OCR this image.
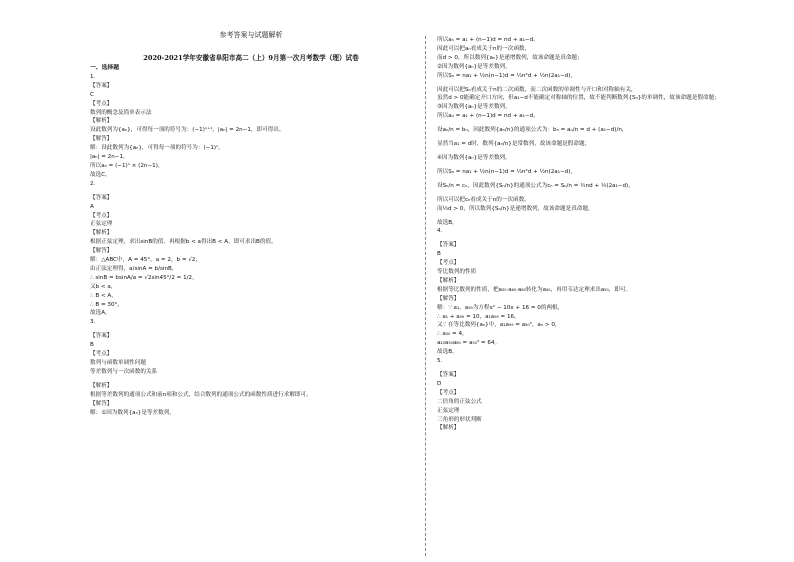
参考答案与试题解析
2020-2021学年安徽省阜阳市高二（上）9月第一次月考数学（理）试卷
一、选择题
1.
【答案】
C
【考点】
数列的概念及简单表示法
【解析】
设此数列为{aₙ}，可得每一项的符号为：(−1)ⁿ⁺¹，|aₙ| = 2n−1，即可得出。
【解答】
解：设此数列为{aₙ}，可得每一项的符号为：(−1)ⁿ，
|aₙ| = 2n−1，
所以aₙ = (−1)ⁿ × (2n−1)，
故选C。
2.
【答案】
A
【考点】
正弦定理
【解析】
根据正弦定理，求出sinB的值，再根据b < a得出B < A，即可求出B的值。
【解答】
解：△ABC中，A = 45°，a = 2，b = √2，
由正弦定理得，a/sinA = b/sinB，
∴ sinB = bsinA/a = √2sin45°/2 = 1/2，
又b < a，
∴ B < A，
∴ B = 30°，
故选A。
3.
【答案】
B
【考点】
数列与函数单调性问题
等差数列与一次函数的关系
【解析】
根据等差数列的通项公式和前n项和公式，结合数列的通项公式的函数性质进行求解即可。
【解答】
解：①因为数列{aₙ}是等差数列，
所以aₙ = a₁ + (n−1)d = nd + a₁−d，
因此可以把aₙ看成关于n的一次函数，
而d > 0，所以数列{aₙ}是递增数列，故该命题是真命题；
②因为数列{aₙ}是等差数列，
所以Sₙ = na₁ + ½n(n−1)d = ½n²d + ½n(2a₁−d)，
因此可以把Sₙ看成关于n的二次函数，而二次函数的单调性与开口和对称轴有关，
虽然d > 0能确定开口方向，但a₁−d不能确定对称轴的位置，故不能判断数列{Sₙ}的单调性，故该命题是假命题；
③因为数列{aₙ}是等差数列，
所以aₙ = a₁ + (n−1)d = nd + a₁−d，
设aₙ/n = bₙ，因此数列{aₙ/n}的通项公式为：bₙ = aₙ/n = d + (a₁−d)/n，
显然当a₁ = d时，数列{aₙ/n}是常数列，故该命题是假命题；
④因为数列{aₙ}是等差数列，
所以Sₙ = na₁ + ½n(n−1)d = ½n²d + ½n(2a₁−d)，
设Sₙ/n = cₙ，因此数列{Sₙ/n}的通项公式为cₙ = Sₙ/n = ½nd + ½(2a₁−d)，
所以可以把cₙ看成关于n的一次函数，
而½d > 0，所以数列{Sₙ/n}是递增数列，故该命题是真命题。
故选B。
4.
【答案】
B
【考点】
等比数列的性质
【解析】
根据等比数列的性质，把a₂₀·a₆₀·a₈₀转化为a₅₀，再用韦达定理求出a₅₀，即可。
【解答】
解：∵ a₁，a₉₉为方程x² − 10x + 16 = 0的两根，
∴ a₁ + a₉₉ = 10，a₁a₉₉ = 16。
又∵ 在等比数列{aₙ}中，a₁a₉₉ = a₅₀²，aₙ > 0，
∴ a₅₀ = 4，
a₂₀a₅₀a₈₀ = a₅₀³ = 64。
故选B。
5.
【答案】
D
【考点】
二倍角的正弦公式
正弦定理
三角形的形状判断
【解析】
